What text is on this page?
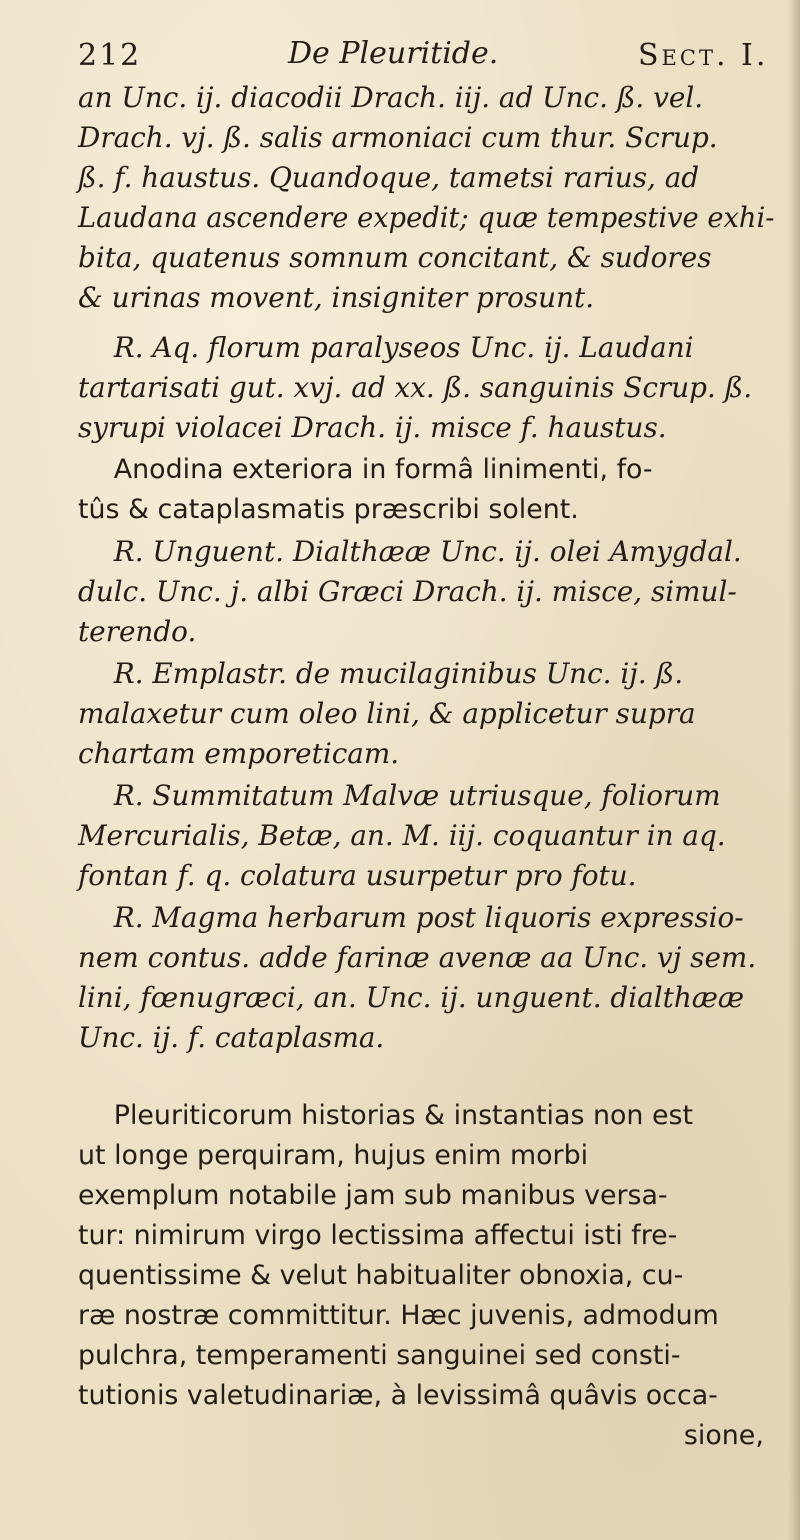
212	De Pleuritide.	Sect. I.
an Unc. ij. diacodii Drach. iij. ad Unc. ß. vel.
Drach. vj. ß. salis armoniaci cum thur. Scrup.
ß. f. haustus. Quandoque, tametsi rarius, ad
Laudana ascendere expedit; quæ tempestive exhi-
bita, quatenus somnum concitant, & sudores
& urinas movent, insigniter prosunt.
R. Aq. florum paralyseos Unc. ij. Laudani
tartarisati gut. xvj. ad xx. ß. sanguinis Scrup. ß.
syrupi violacei Drach. ij. misce f. haustus.
Anodina exteriora in formâ linimenti, fo-
tûs & cataplasmatis præscribi solent.
R. Unguent. Dialthææ Unc. ij. olei Amygdal.
dulc. Unc. j. albi Græci Drach. ij. misce, simul-
terendo.
R. Emplastr. de mucilaginibus Unc. ij. ß.
malaxetur cum oleo lini, & applicetur supra
chartam emporeticam.
R. Summitatum Malvæ utriusque, foliorum
Mercurialis, Betæ, an. M. iij. coquantur in aq.
fontan f. q. colatura usurpetur pro fotu.
R. Magma herbarum post liquoris expressio-
nem contus. adde farinæ avenæ aa Unc. vj sem.
lini, fœnugræci, an. Unc. ij. unguent. dialthææ
Unc. ij. f. cataplasma.
Pleuriticorum historias & instantias non est
ut longe perquiram, hujus enim morbi
exemplum notabile jam sub manibus versa-
tur: nimirum virgo lectissima affectui isti fre-
quentissime & velut habitualiter obnoxia, cu-
ræ nostræ committitur. Hæc juvenis, admodum
pulchra, temperamenti sanguinei sed consti-
tutionis valetudinariæ, à levissimâ quâvis occa-
sione,
